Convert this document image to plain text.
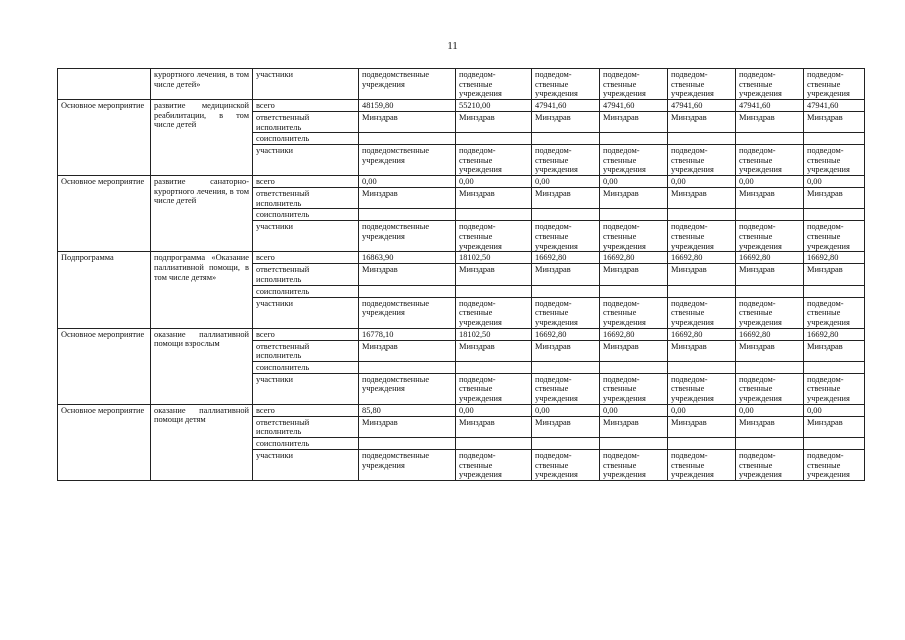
11
	курортного лечения, в том числе детей»	участники	подведомственные учреждения	подведом-ственные учреждения	подведом-ственные учреждения	подведом-ственные учреждения	подведом-ственные учреждения	подведом-ственные учреждения	подведом-ственные учреждения
Основное мероприятие	развитие медицинской реабилитации, в том числе детей	всего	48159,80	55210,00	47941,60	47941,60	47941,60	47941,60	47941,60
		ответственный исполнитель	Минздрав	Минздрав	Минздрав	Минздрав	Минздрав	Минздрав	Минздрав
		соисполнитель							
		участники	подведомственные учреждения	подведом-ственные учреждения	подведом-ственные учреждения	подведом-ственные учреждения	подведом-ственные учреждения	подведом-ственные учреждения	подведом-ственные учреждения
Основное мероприятие	развитие санаторно-курортного лечения, в том числе детей	всего	0,00	0,00	0,00	0,00	0,00	0,00	0,00
		ответственный исполнитель	Минздрав	Минздрав	Минздрав	Минздрав	Минздрав	Минздрав	Минздрав
		соисполнитель							
		участники	подведомственные учреждения	подведом-ственные учреждения	подведом-ственные учреждения	подведом-ственные учреждения	подведом-ственные учреждения	подведом-ственные учреждения	подведом-ственные учреждения
Подпрограмма	подпрограмма «Оказание паллиативной помощи, в том числе детям»	всего	16863,90	18102,50	16692,80	16692,80	16692,80	16692,80	16692,80
		ответственный исполнитель	Минздрав	Минздрав	Минздрав	Минздрав	Минздрав	Минздрав	Минздрав
		соисполнитель							
		участники	подведомственные учреждения	подведом-ственные учреждения	подведом-ственные учреждения	подведом-ственные учреждения	подведом-ственные учреждения	подведом-ственные учреждения	подведом-ственные учреждения
Основное мероприятие	оказание паллиативной помощи взрослым	всего	16778,10	18102,50	16692,80	16692,80	16692,80	16692,80	16692,80
		ответственный исполнитель	Минздрав	Минздрав	Минздрав	Минздрав	Минздрав	Минздрав	Минздрав
		соисполнитель							
		участники	подведомственные учреждения	подведом-ственные учреждения	подведом-ственные учреждения	подведом-ственные учреждения	подведом-ственные учреждения	подведом-ственные учреждения	подведом-ственные учреждения
Основное мероприятие	оказание паллиативной помощи детям	всего	85,80	0,00	0,00	0,00	0,00	0,00	0,00
		ответственный исполнитель	Минздрав	Минздрав	Минздрав	Минздрав	Минздрав	Минздрав	Минздрав
		соисполнитель							
		участники	подведомственные учреждения	подведом-ственные учреждения	подведом-ственные учреждения	подведом-ственные учреждения	подведом-ственные учреждения	подведом-ственные учреждения	подведом-ственные учреждения
